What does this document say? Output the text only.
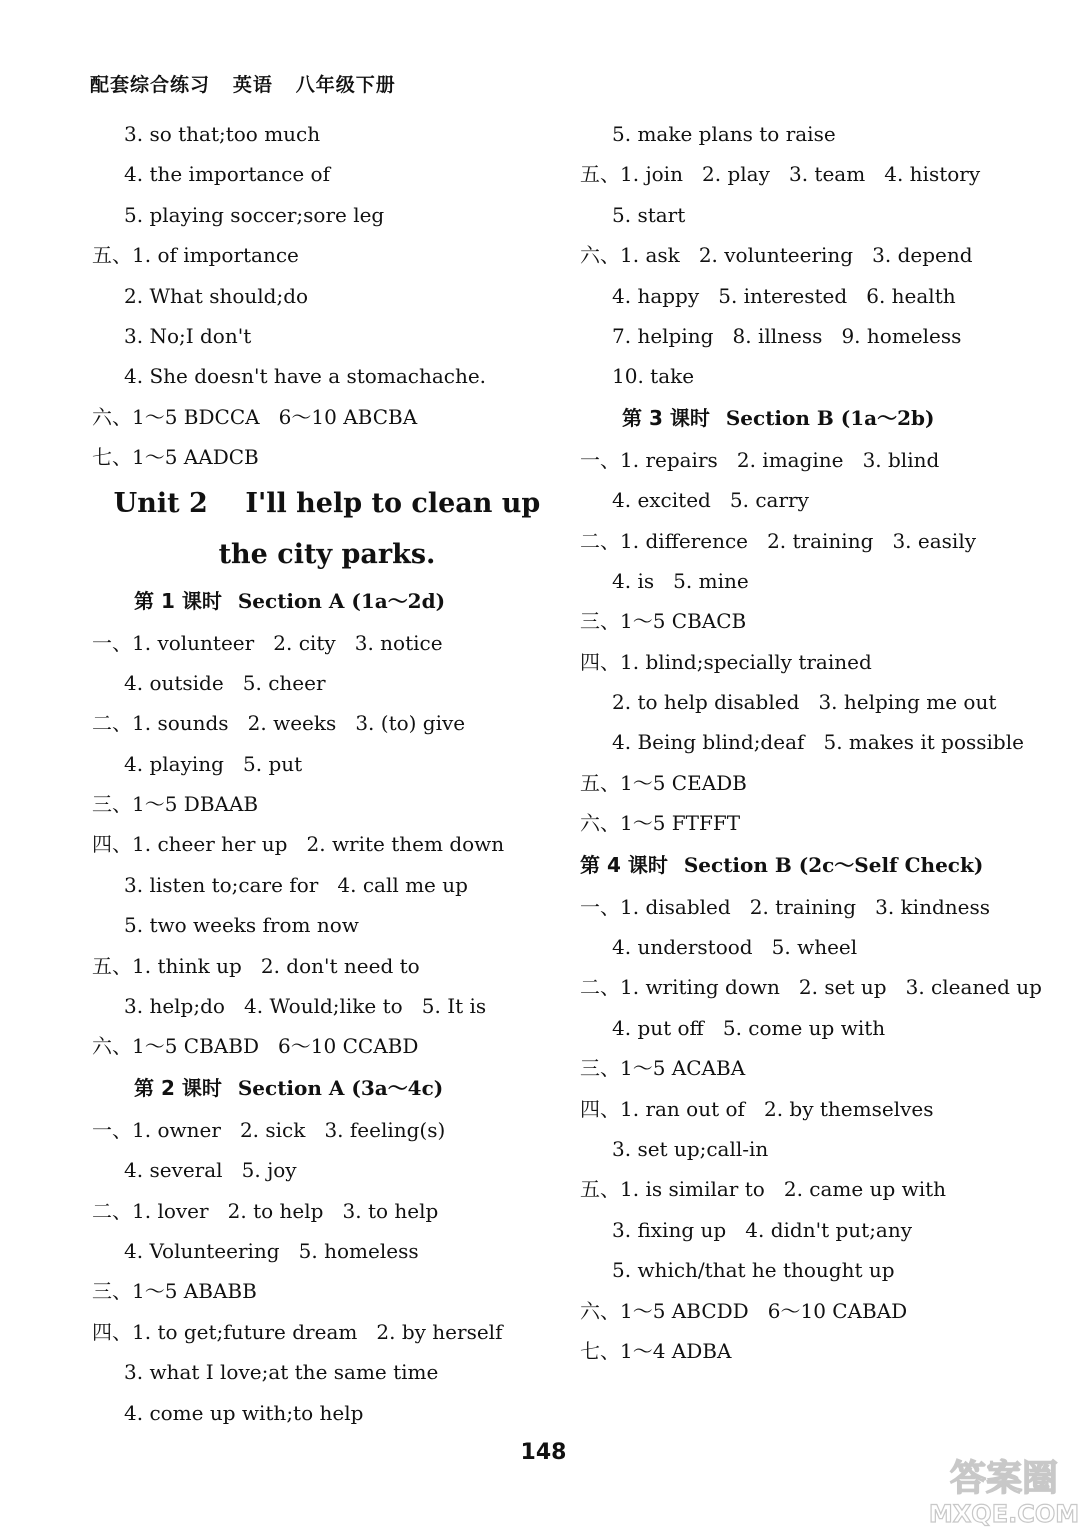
配套综合练习   英语   八年级下册
3. so that;too much
4. the importance of
5. playing soccer;sore leg
五、1. of importance
2. What should;do
3. No;I don't
4. She doesn't have a stomachache.
六、1～5 BDCCA   6～10 ABCBA
七、1～5 AADCB
Unit 2    I'll help to clean up
the city parks.
第 1 课时 Section A (1a～2d)
一、1. volunteer   2. city   3. notice
4. outside   5. cheer
二、1. sounds   2. weeks   3. (to) give
4. playing   5. put
三、1～5 DBAAB
四、1. cheer her up   2. write them down
3. listen to;care for   4. call me up
5. two weeks from now
五、1. think up   2. don't need to
3. help;do   4. Would;like to   5. It is
六、1～5 CBABD   6～10 CCABD
第 2 课时 Section A (3a～4c)
一、1. owner   2. sick   3. feeling(s)
4. several   5. joy
二、1. lover   2. to help   3. to help
4. Volunteering   5. homeless
三、1～5 ABABB
四、1. to get;future dream   2. by herself
3. what I love;at the same time
4. come up with;to help
5. make plans to raise
五、1. join   2. play   3. team   4. history
5. start
六、1. ask   2. volunteering   3. depend
4. happy   5. interested   6. health
7. helping   8. illness   9. homeless
10. take
第 3 课时 Section B (1a～2b)
一、1. repairs   2. imagine   3. blind
4. excited   5. carry
二、1. difference   2. training   3. easily
4. is   5. mine
三、1～5 CBACB
四、1. blind;specially trained
2. to help disabled   3. helping me out
4. Being blind;deaf   5. makes it possible
五、1～5 CEADB
六、1～5 FTFFT
第 4 课时 Section B (2c～Self Check)
一、1. disabled   2. training   3. kindness
4. understood   5. wheel
二、1. writing down   2. set up   3. cleaned up
4. put off   5. come up with
三、1～5 ACABA
四、1. ran out of   2. by themselves
3. set up;call-in
五、1. is similar to   2. came up with
3. fixing up   4. didn't put;any
5. which/that he thought up
六、1～5 ABCDD   6～10 CABAD
七、1～4 ADBA
148
答案圈
MXQE.COM
